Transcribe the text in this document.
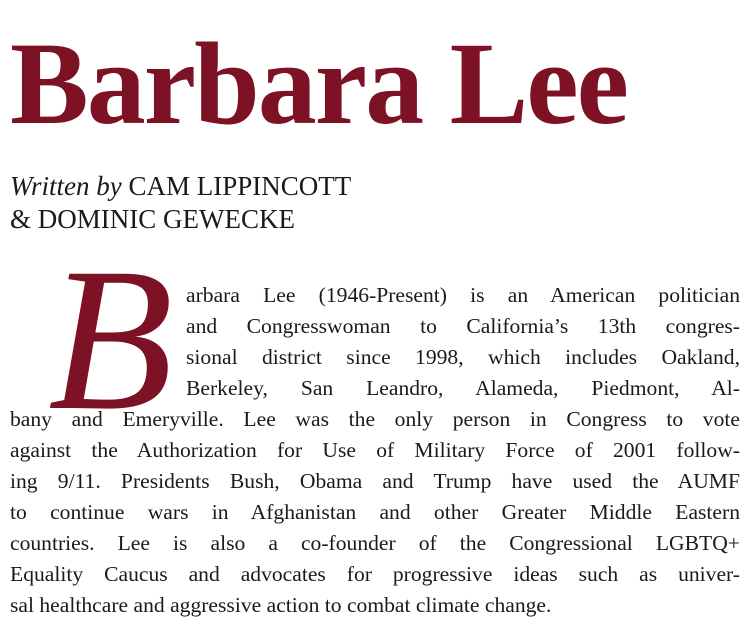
Barbara Lee
Written by CAM LIPPINCOTT
& DOMINIC GEWECKE
B arbara Lee (1946-Present) is an American politician
and Congresswoman to California’s 13th congres-
sional district since 1998, which includes Oakland,
Berkeley, San Leandro, Alameda, Piedmont, Al-
bany and Emeryville. Lee was the only person in Congress to vote
against the Authorization for Use of Military Force of 2001 follow-
ing 9/11. Presidents Bush, Obama and Trump have used the AUMF
to continue wars in Afghanistan and other Greater Middle Eastern
countries. Lee is also a co-founder of the Congressional LGBTQ+
Equality Caucus and advocates for progressive ideas such as univer-
sal healthcare and aggressive action to combat climate change.
